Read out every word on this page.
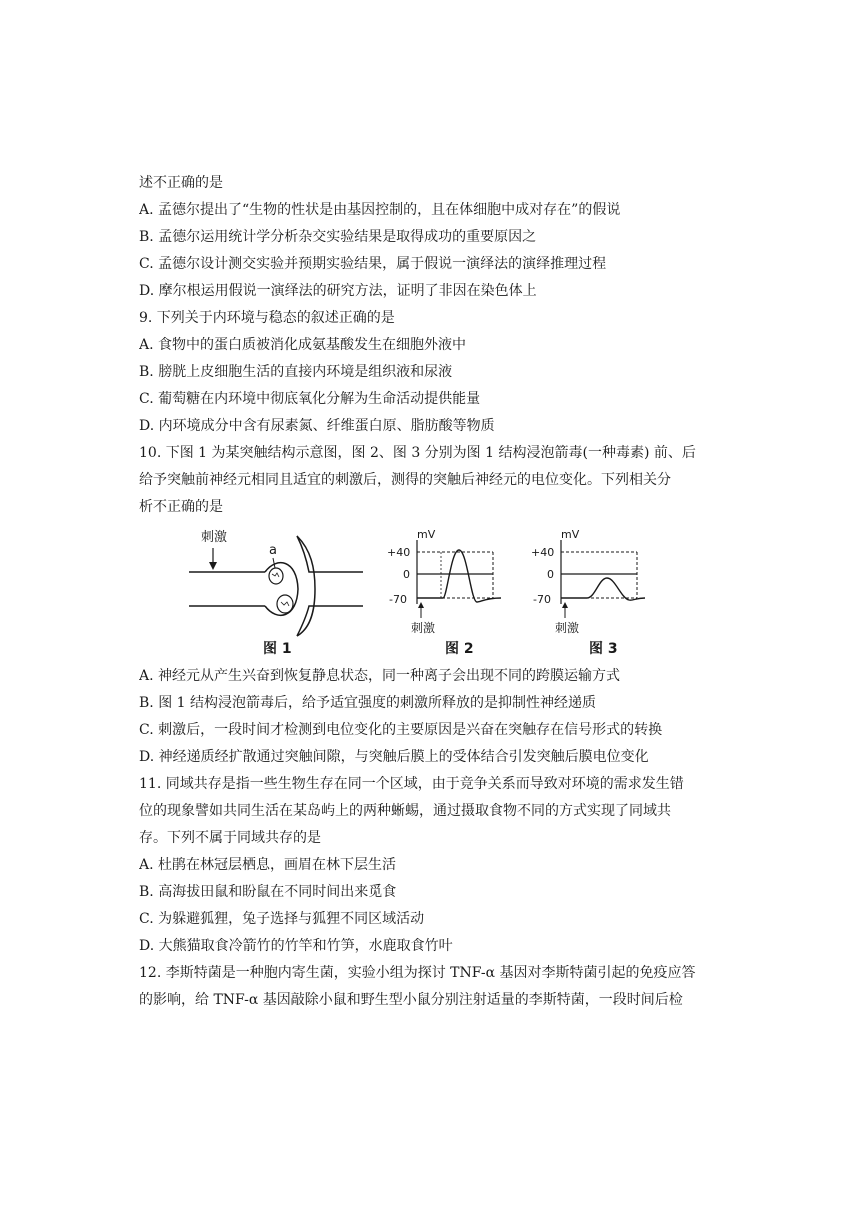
述不正确的是
A. 孟德尔提出了“生物的性状是由基因控制的，且在体细胞中成对存在”的假说
B. 孟德尔运用统计学分析杂交实验结果是取得成功的重要原因之
C. 孟德尔设计测交实验并预期实验结果，属于假说一演绎法的演绎推理过程
D. 摩尔根运用假说一演绎法的研究方法，证明了非因在染色体上
9. 下列关于内环境与稳态的叙述正确的是
A. 食物中的蛋白质被消化成氨基酸发生在细胞外液中
B. 膀胱上皮细胞生活的直接内环境是组织液和尿液
C. 葡萄糖在内环境中彻底氧化分解为生命活动提供能量
D. 内环境成分中含有尿素氮、纤维蛋白原、脂肪酸等物质
10. 下图 1 为某突触结构示意图，图 2、图 3 分别为图 1 结构浸泡箭毒(一种毒素) 前、后
给予突触前神经元相同且适宜的刺激后，测得的突触后神经元的电位变化。下列相关分
析不正确的是
刺激
a
图 1
mV
+40
0
-70
刺激
图 2
mV
+40
0
-70
刺激
图 3
A. 神经元从产生兴奋到恢复静息状态，同一种离子会出现不同的跨膜运输方式
B. 图 1 结构浸泡箭毒后，给予适宜强度的刺激所释放的是抑制性神经递质
C. 刺激后，一段时间才检测到电位变化的主要原因是兴奋在突触存在信号形式的转换
D. 神经递质经扩散通过突触间隙，与突触后膜上的受体结合引发突触后膜电位变化
11. 同域共存是指一些生物生存在同一个区域，由于竞争关系而导致对环境的需求发生错
位的现象譬如共同生活在某岛屿上的两种蜥蜴，通过摄取食物不同的方式实现了同域共
存。下列不属于同域共存的是
A. 杜鹃在林冠层栖息，画眉在林下层生活
B. 高海拔田鼠和盼鼠在不同时间出来觅食
C. 为躲避狐狸，兔子选择与狐狸不同区域活动
D. 大熊猫取食冷箭竹的竹竿和竹笋，水鹿取食竹叶
12. 李斯特菌是一种胞内寄生菌，实验小组为探讨 TNF-α 基因对李斯特菌引起的免疫应答
的影响，给 TNF-α 基因敲除小鼠和野生型小鼠分别注射适量的李斯特菌，一段时间后检
